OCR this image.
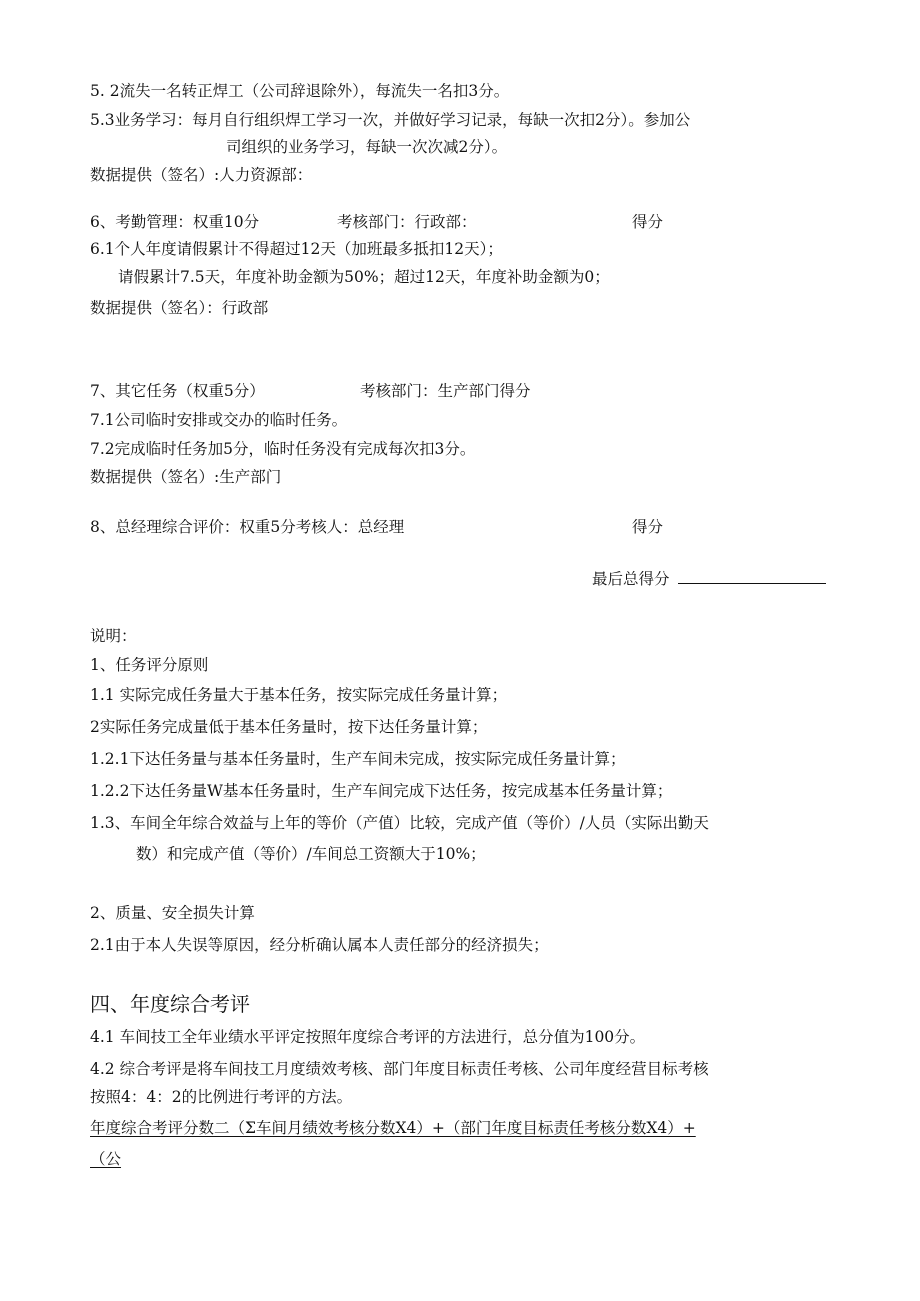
5. 2流失一名转正焊工（公司辞退除外），每流失一名扣3分。
5.3业务学习：每月自行组织焊工学习一次，并做好学习记录，每缺一次扣2分）。参加公
司组织的业务学习，每缺一次次减2分）。
数据提供（签名）:人力资源部：
6、考勤管理：权重10分	考核部门：行政部：	得分
6.1个人年度请假累计不得超过12天（加班最多抵扣12天）；
请假累计7.5天，年度补助金额为50%；超过12天，年度补助金额为0；
数据提供（签名）：行政部
7、其它任务（权重5分）	考核部门：生产部门得分
7.1公司临时安排或交办的临时任务。
7.2完成临时任务加5分，临时任务没有完成每次扣3分。
数据提供（签名）:生产部门
8、总经理综合评价：权重5分考核人：总经理	得分
最后总得分
说明：
1、任务评分原则
1.1 实际完成任务量大于基本任务，按实际完成任务量计算；
2实际任务完成量低于基本任务量时，按下达任务量计算；
1.2.1下达任务量与基本任务量时，生产车间未完成，按实际完成任务量计算；
1.2.2下达任务量W基本任务量时，生产车间完成下达任务，按完成基本任务量计算；
1.3、车间全年综合效益与上年的等价（产值）比较，完成产值（等价）/人员（实际出勤天
数）和完成产值（等价）/车间总工资额大于10%；
2、质量、安全损失计算
2.1由于本人失误等原因，经分析确认属本人责任部分的经济损失；
四、年度综合考评
4.1 车间技工全年业绩水平评定按照年度综合考评的方法进行，总分值为100分。
4.2 综合考评是将车间技工月度绩效考核、部门年度目标责任考核、公司年度经营目标考核
按照4：4：2的比例进行考评的方法。
年度综合考评分数二（Σ车间月绩效考核分数X4）+（部门年度目标责任考核分数X4）+
（公
